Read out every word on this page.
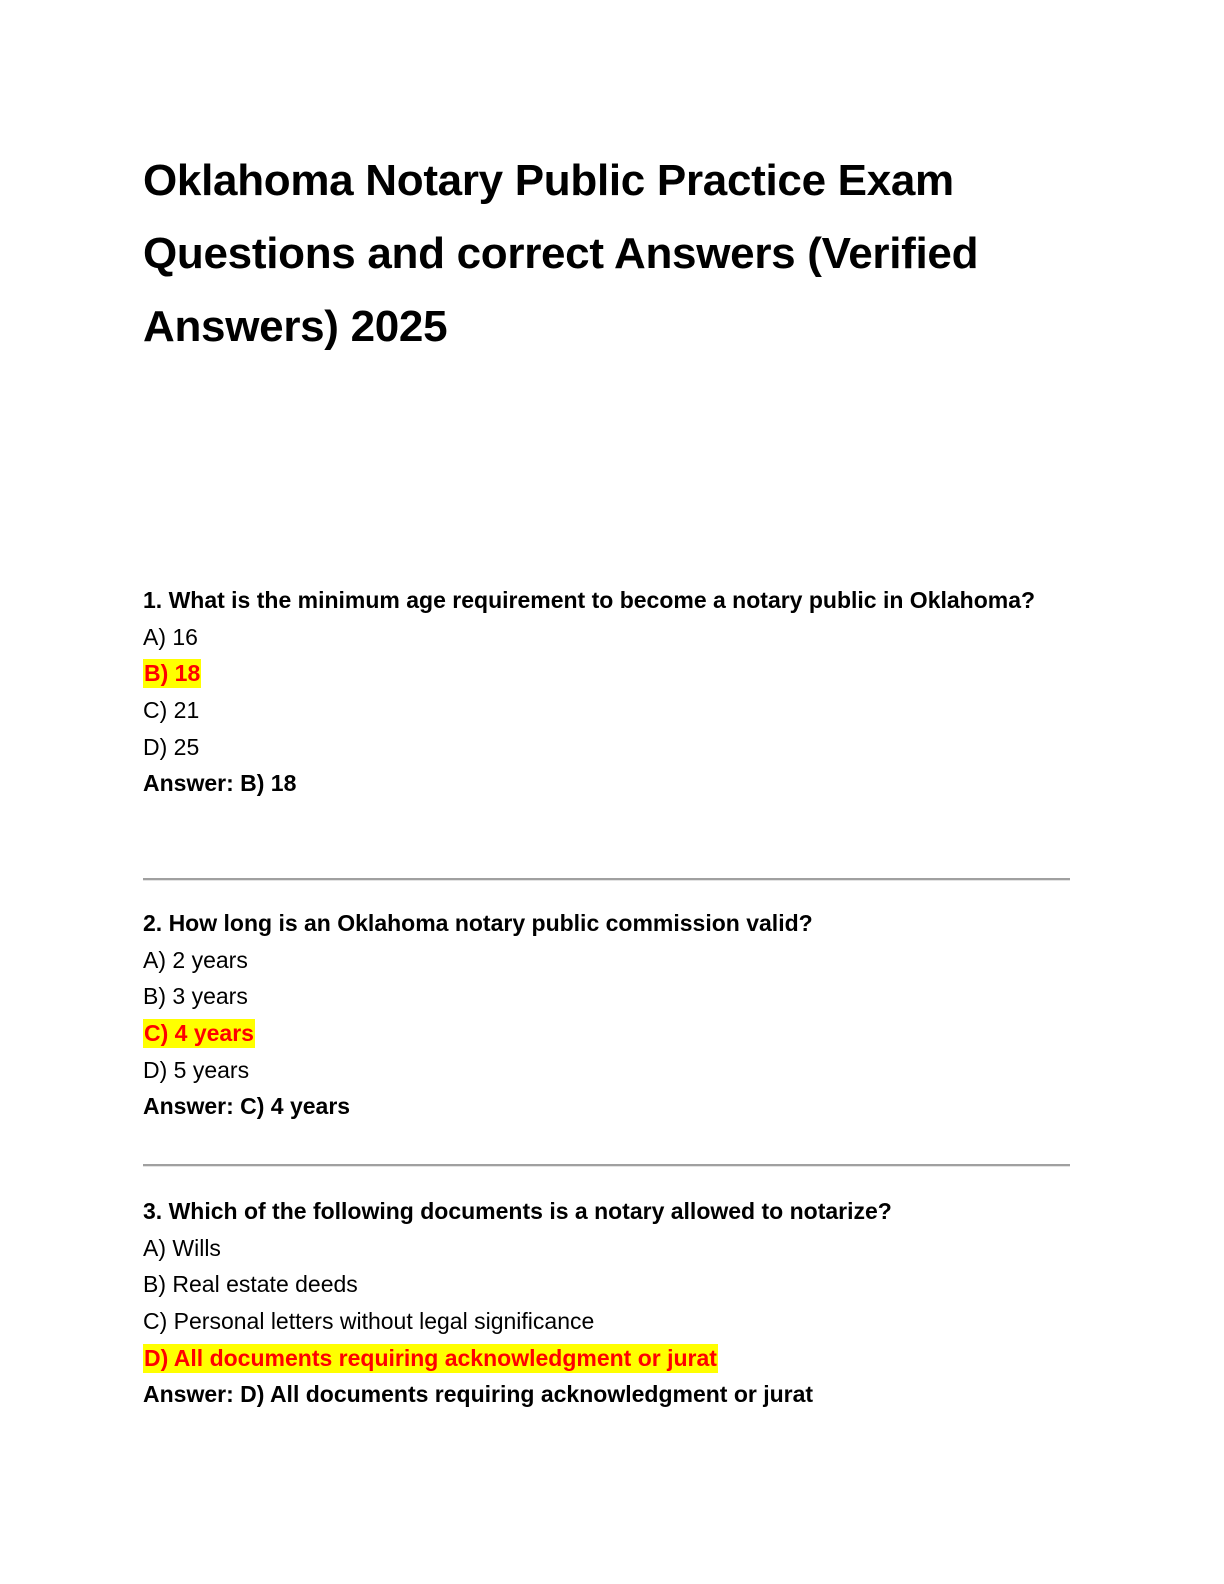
Oklahoma Notary Public Practice Exam Questions and correct Answers (Verified Answers) 2025

1. What is the minimum age requirement to become a notary public in Oklahoma?

A) 16

B) 18

C) 21

D) 25

Answer: B) 18

2. How long is an Oklahoma notary public commission valid?

A) 2 years

B) 3 years

C) 4 years

D) 5 years

Answer: C) 4 years

3. Which of the following documents is a notary allowed to notarize?

A) Wills

B) Real estate deeds

C) Personal letters without legal significance

D) All documents requiring acknowledgment or jurat

Answer: D) All documents requiring acknowledgment or jurat
